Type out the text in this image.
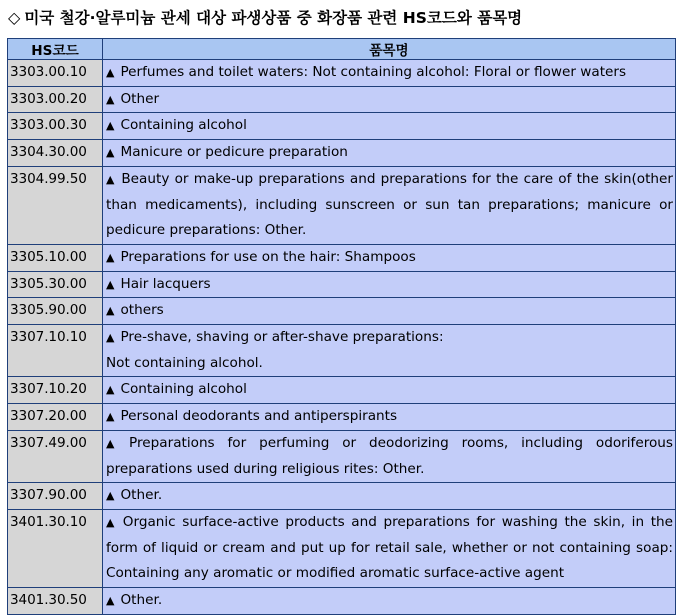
◇ 미국 철강·알루미늄 관세 대상 파생상품 중 화장품 관련 HS코드와 품목명
HS코드	품목명
3303.00.10	▲ Perfumes and toilet waters: Not containing alcohol: Floral or flower waters
3303.00.20	▲ Other
3303.00.30	▲ Containing alcohol
3304.30.00	▲ Manicure or pedicure preparation
3304.99.50	▲ Beauty or make-up preparations and preparations for the care of the skin(other than medicaments), including sunscreen or sun tan preparations; manicure or pedicure preparations: Other.
3305.10.00	▲ Preparations for use on the hair: Shampoos
3305.30.00	▲ Hair lacquers
3305.90.00	▲ others
3307.10.10	▲ Pre-shave, shaving or after-shave preparations:
Not containing alcohol.
3307.10.20	▲ Containing alcohol
3307.20.00	▲ Personal deodorants and antiperspirants
3307.49.00	▲ Preparations for perfuming or deodorizing rooms, including odoriferous preparations used during religious rites: Other.
3307.90.00	▲ Other.
3401.30.10	▲ Organic surface-active products and preparations for washing the skin, in the form of liquid or cream and put up for retail sale, whether or not containing soap: Containing any aromatic or modified aromatic surface-active agent
3401.30.50	▲ Other.
